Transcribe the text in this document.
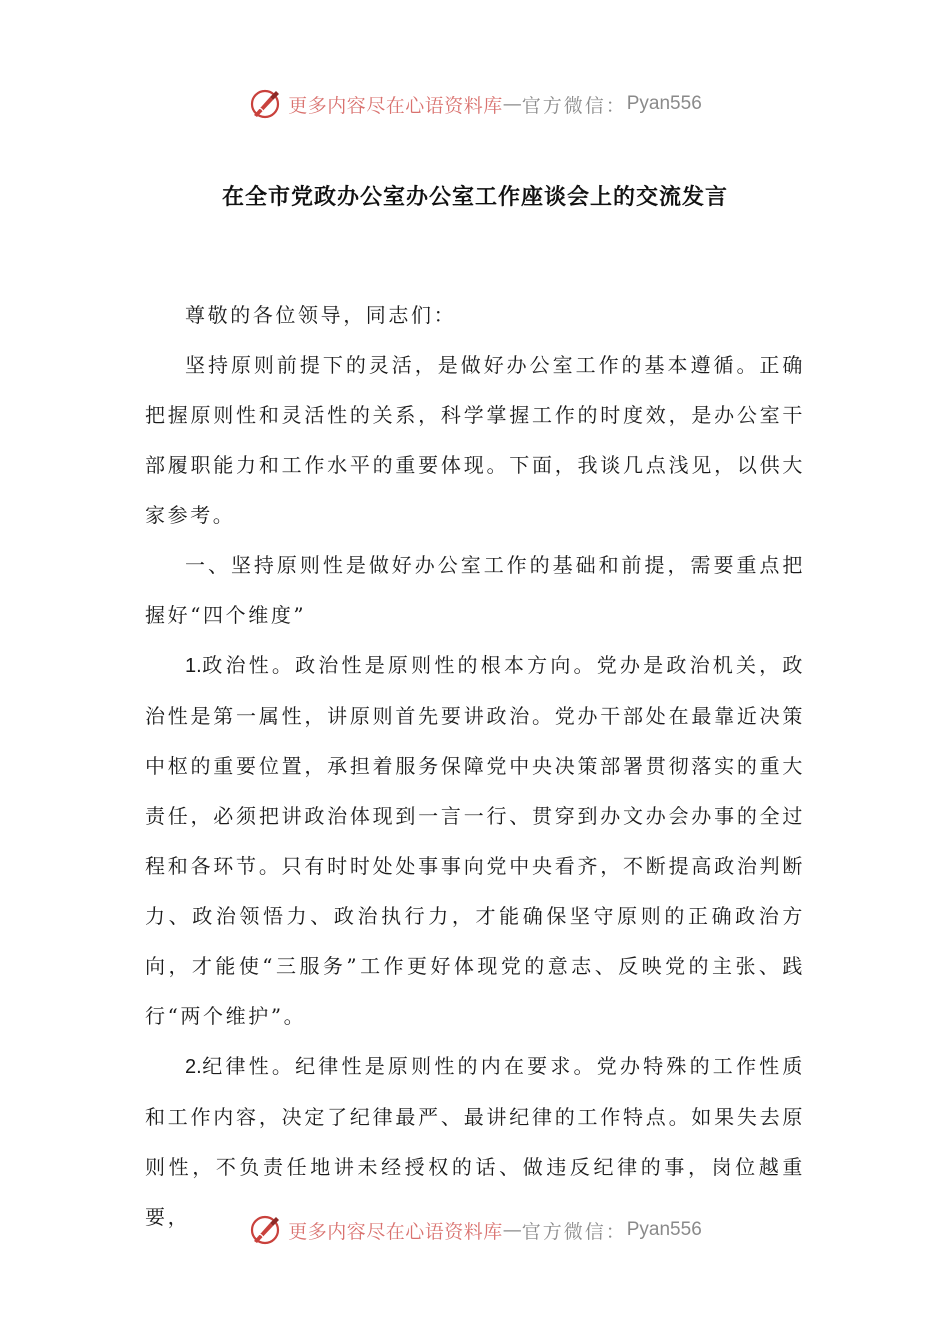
更多内容尽在心语资料库 — 官方微信： Pyan556
在全市党政办公室办公室工作座谈会上的交流发言

尊敬的各位领导，同志们：

坚持原则前提下的灵活，是做好办公室工作的基本遵循。正确把握原则性和灵活性的关系，科学掌握工作的时度效，是办公室干部履职能力和工作水平的重要体现。下面，我谈几点浅见，以供大家参考。

一、坚持原则性是做好办公室工作的基础和前提，需要重点把握好“四个维度”

1.政治性。政治性是原则性的根本方向。党办是政治机关，政治性是第一属性，讲原则首先要讲政治。党办干部处在最靠近决策中枢的重要位置，承担着服务保障党中央决策部署贯彻落实的重大责任，必须把讲政治体现到一言一行、贯穿到办文办会办事的全过程和各环节。只有时时处处事事向党中央看齐，不断提高政治判断力、政治领悟力、政治执行力，才能确保坚守原则的正确政治方向，才能使“三服务”工作更好体现党的意志、反映党的主张、践行“两个维护”。

2.纪律性。纪律性是原则性的内在要求。党办特殊的工作性质和工作内容，决定了纪律最严、最讲纪律的工作特点。如果失去原则性，不负责任地讲未经授权的话、做违反纪律的事，岗位越重要，

更多内容尽在心语资料库 — 官方微信： Pyan556
